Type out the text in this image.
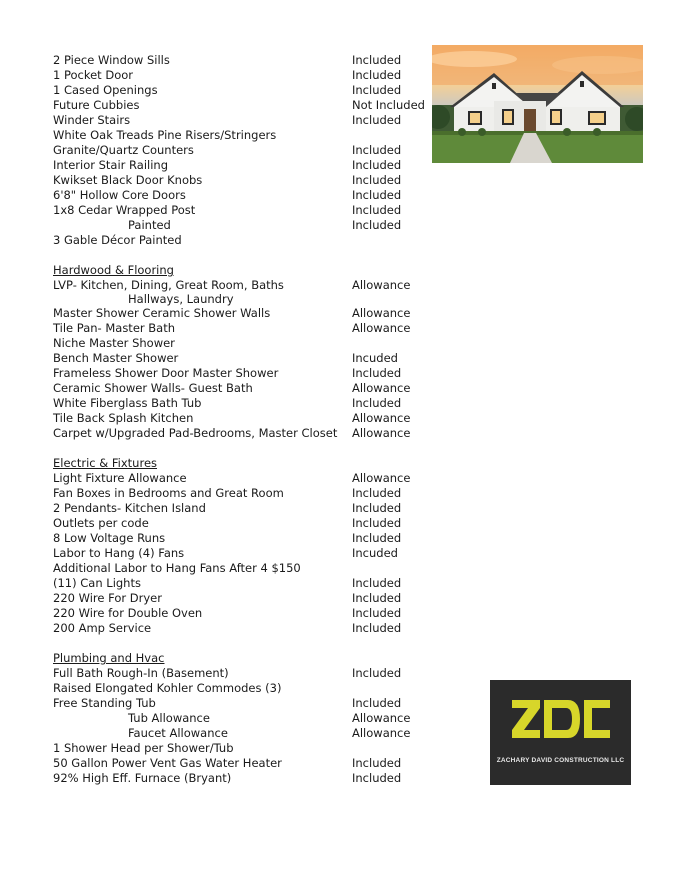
2 Piece Window Sills	Included
1 Pocket Door	Included
1 Cased Openings	Included
Future Cubbies	Not Included
Winder Stairs	Included
White Oak Treads Pine Risers/Stringers
Granite/Quartz Counters	Included
Interior Stair Railing	Included
Kwikset Black Door Knobs	Included
6'8" Hollow Core Doors	Included
1x8 Cedar Wrapped Post	Included
Painted	Included
3 Gable Décor Painted
Hardwood & Flooring
LVP- Kitchen, Dining, Great Room, Baths
Hallways, Laundry
Allowance
Master Shower Ceramic Shower Walls	Allowance
Tile Pan- Master Bath	Allowance
Niche Master Shower
Bench Master Shower	Incuded
Frameless Shower Door Master Shower	Included
Ceramic Shower Walls- Guest Bath	Allowance
White Fiberglass Bath Tub	Included
Tile Back Splash Kitchen	Allowance
Carpet w/Upgraded Pad-Bedrooms, Master Closet Allowance
Electric & Fixtures
Light Fixture Allowance	Allowance
Fan Boxes in Bedrooms and Great Room	Included
2 Pendants- Kitchen Island	Included
Outlets per code	Included
8 Low Voltage Runs	Included
Labor to Hang (4) Fans	Incuded
Additional Labor to Hang Fans After 4 $150
(11) Can Lights	Included
220 Wire For Dryer	Included
220 Wire for Double Oven	Included
200 Amp Service	Included
Plumbing and Hvac
Full Bath Rough-In (Basement)	Included
Raised Elongated Kohler Commodes (3)
Free Standing Tub	Included
Tub Allowance	Allowance
Faucet Allowance	Allowance
1 Shower Head per Shower/Tub
50 Gallon Power Vent Gas Water Heater	Included
92% High Eff. Furnace (Bryant)	Included
ZACHARY DAVID CONSTRUCTION LLC
